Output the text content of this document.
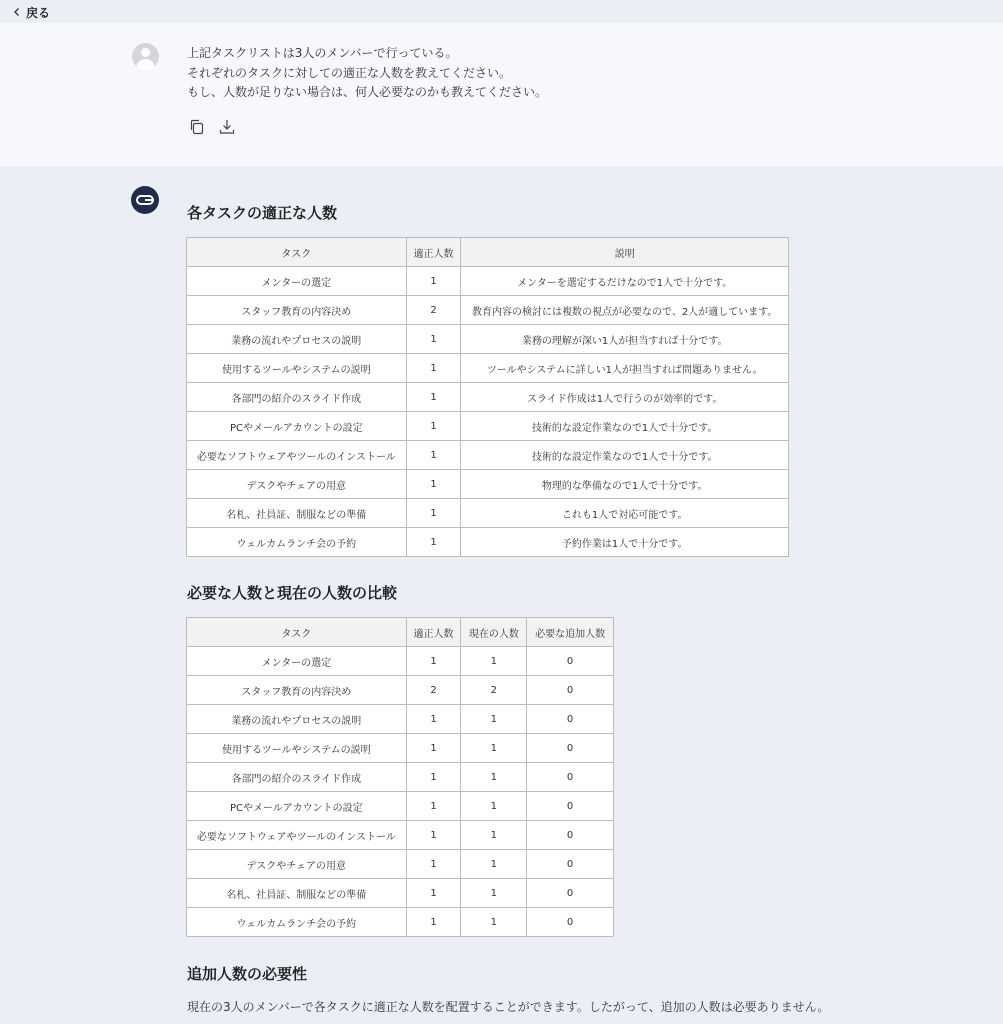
戻る
上記タスクリストは3人のメンバーで行っている。
それぞれのタスクに対しての適正な人数を教えてください。
もし、人数が足りない場合は、何人必要なのかも教えてください。
各タスクの適正な人数
タスク	適正人数	説明
メンターの選定	1	メンターを選定するだけなので1人で十分です。
スタッフ教育の内容決め	2	教育内容の検討には複数の視点が必要なので、2人が適しています。
業務の流れやプロセスの説明	1	業務の理解が深い1人が担当すれば十分です。
使用するツールやシステムの説明	1	ツールやシステムに詳しい1人が担当すれば問題ありません。
各部門の紹介のスライド作成	1	スライド作成は1人で行うのが効率的です。
PCやメールアカウントの設定	1	技術的な設定作業なので1人で十分です。
必要なソフトウェアやツールのインストール	1	技術的な設定作業なので1人で十分です。
デスクやチェアの用意	1	物理的な準備なので1人で十分です。
名札、社員証、制服などの準備	1	これも1人で対応可能です。
ウェルカムランチ会の予約	1	予約作業は1人で十分です。
必要な人数と現在の人数の比較
タスク	適正人数	現在の人数	必要な追加人数
メンターの選定	1	1	0
スタッフ教育の内容決め	2	2	0
業務の流れやプロセスの説明	1	1	0
使用するツールやシステムの説明	1	1	0
各部門の紹介のスライド作成	1	1	0
PCやメールアカウントの設定	1	1	0
必要なソフトウェアやツールのインストール	1	1	0
デスクやチェアの用意	1	1	0
名札、社員証、制服などの準備	1	1	0
ウェルカムランチ会の予約	1	1	0
追加人数の必要性
現在の3人のメンバーで各タスクに適正な人数を配置することができます。したがって、追加の人数は必要ありません。
